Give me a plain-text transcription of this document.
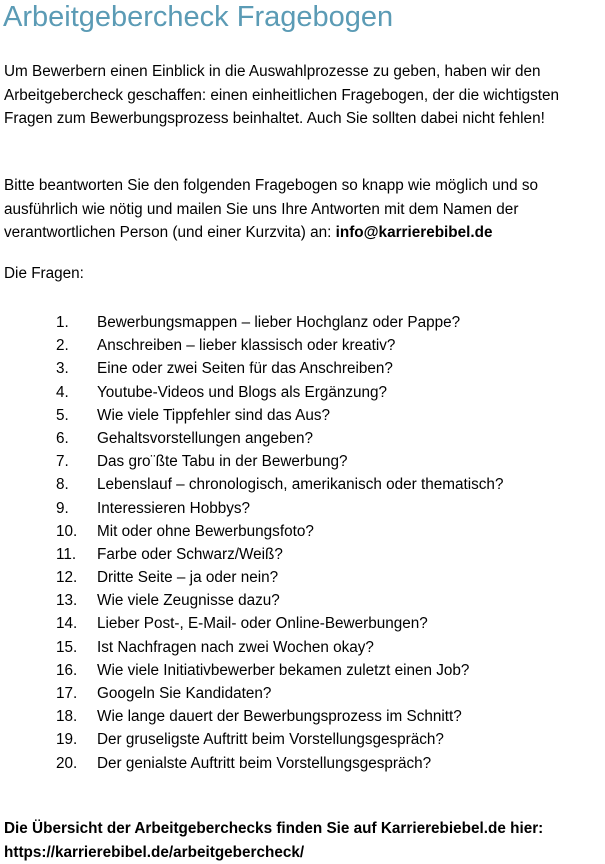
Arbeitgebercheck Fragebogen

Um Bewerbern einen Einblick in die Auswahlprozesse zu geben, haben wir den Arbeitgebercheck geschaffen: einen einheitlichen Fragebogen, der die wichtigsten Fragen zum Bewerbungsprozess beinhaltet. Auch Sie sollten dabei nicht fehlen!

Bitte beantworten Sie den folgenden Fragebogen so knapp wie möglich und so ausführlich wie nötig und mailen Sie uns Ihre Antworten mit dem Namen der verantwortlichen Person (und einer Kurzvita) an: info@karrierebibel.de

Die Fragen:

1.	Bewerbungsmappen – lieber Hochglanz oder Pappe?
2.	Anschreiben – lieber klassisch oder kreativ?
3.	Eine oder zwei Seiten für das Anschreiben?
4.	Youtube-Videos und Blogs als Ergänzung?
5.	Wie viele Tippfehler sind das Aus?
6.	Gehaltsvorstellungen angeben?
7.	Das gro¨ßte Tabu in der Bewerbung?
8.	Lebenslauf – chronologisch, amerikanisch oder thematisch?
9.	Interessieren Hobbys?
10.	Mit oder ohne Bewerbungsfoto?
11.	Farbe oder Schwarz/Weiß?
12.	Dritte Seite – ja oder nein?
13.	Wie viele Zeugnisse dazu?
14.	Lieber Post-, E-Mail- oder Online-Bewerbungen?
15.	Ist Nachfragen nach zwei Wochen okay?
16.	Wie viele Initiativbewerber bekamen zuletzt einen Job?
17.	Googeln Sie Kandidaten?
18.	Wie lange dauert der Bewerbungsprozess im Schnitt?
19.	Der gruseligste Auftritt beim Vorstellungsgespräch?
20.	Der genialste Auftritt beim Vorstellungsgespräch?

Die Übersicht der Arbeitgeberchecks finden Sie auf Karrierebiebel.de hier:
https://karrierebibel.de/arbeitgebercheck/
